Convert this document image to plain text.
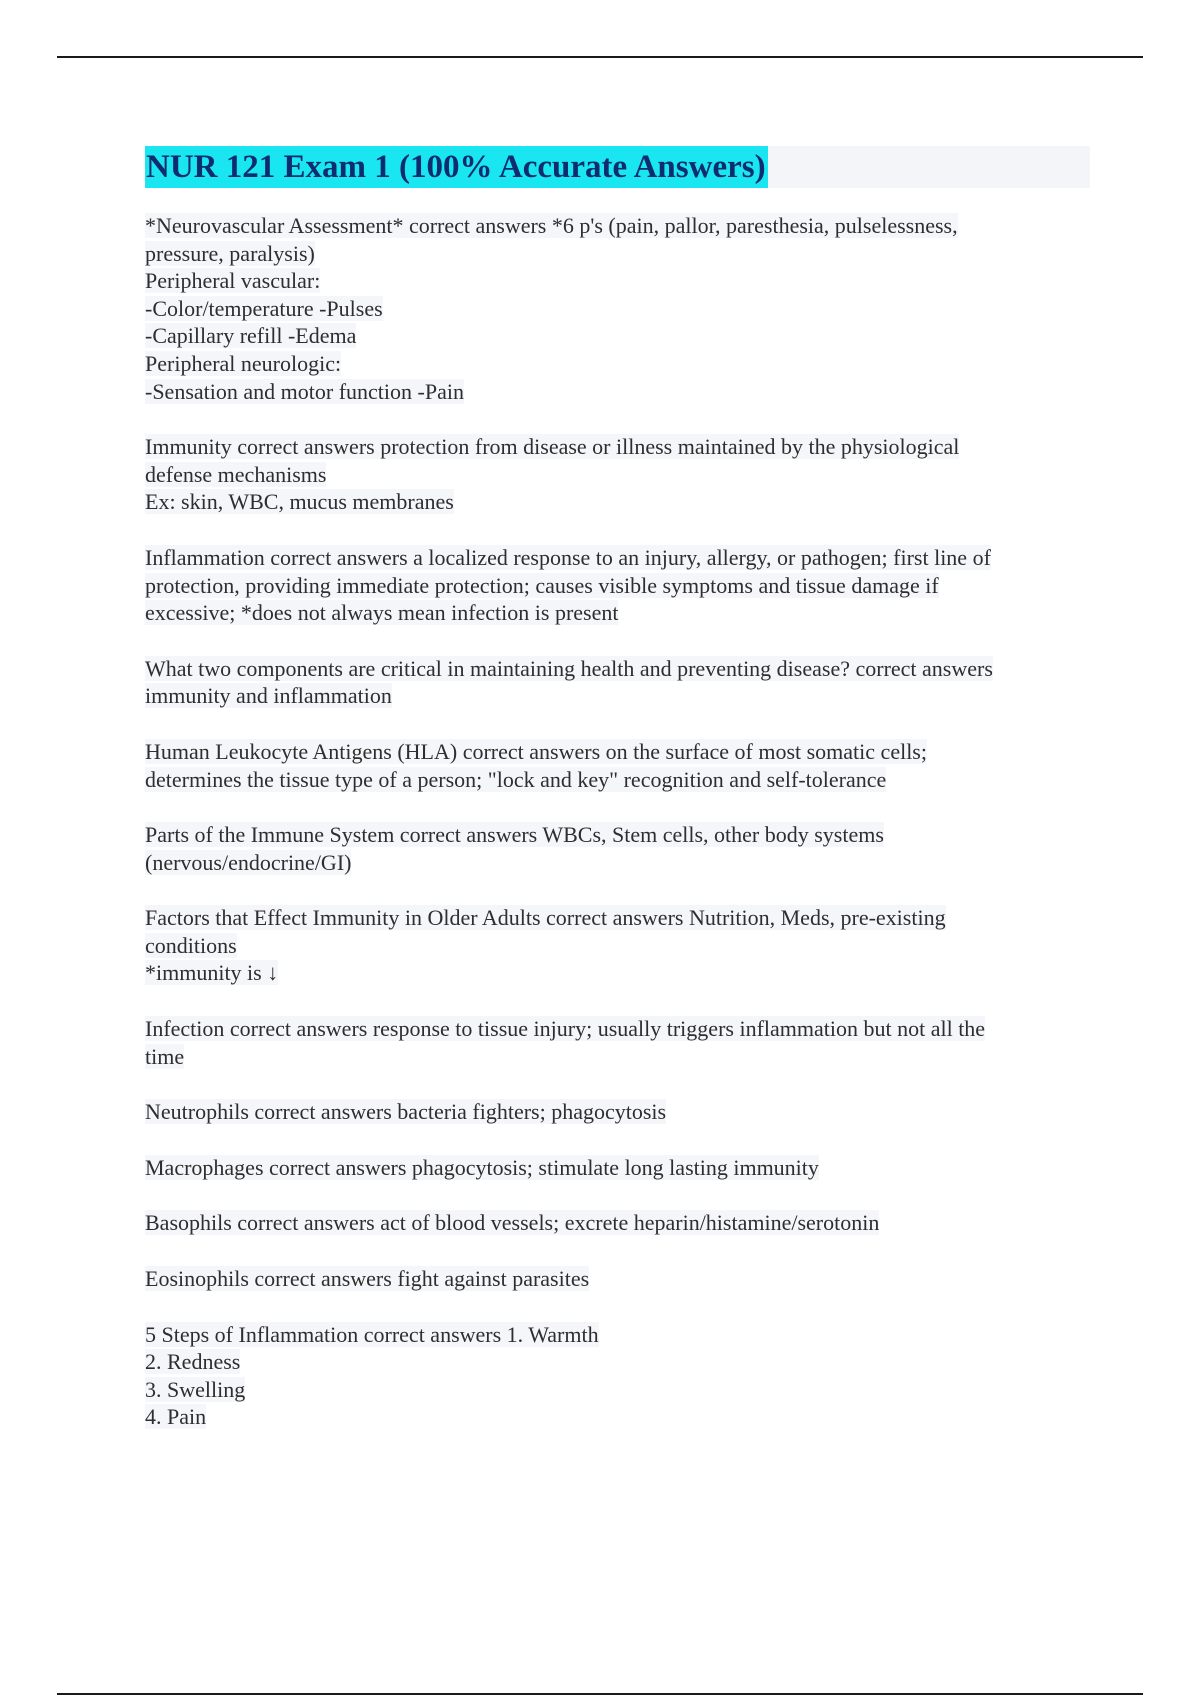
NUR 121 Exam 1 (100% Accurate Answers)
*Neurovascular Assessment* correct answers *6 p's (pain, pallor, paresthesia, pulselessness,
pressure, paralysis)
Peripheral vascular:
-Color/temperature -Pulses
-Capillary refill -Edema
Peripheral neurologic:
-Sensation and motor function -Pain
Immunity correct answers protection from disease or illness maintained by the physiological
defense mechanisms
Ex: skin, WBC, mucus membranes
Inflammation correct answers a localized response to an injury, allergy, or pathogen; first line of
protection, providing immediate protection; causes visible symptoms and tissue damage if
excessive; *does not always mean infection is present
What two components are critical in maintaining health and preventing disease? correct answers
immunity and inflammation
Human Leukocyte Antigens (HLA) correct answers on the surface of most somatic cells;
determines the tissue type of a person; "lock and key" recognition and self-tolerance
Parts of the Immune System correct answers WBCs, Stem cells, other body systems
(nervous/endocrine/GI)
Factors that Effect Immunity in Older Adults correct answers Nutrition, Meds, pre-existing
conditions
*immunity is ↓
Infection correct answers response to tissue injury; usually triggers inflammation but not all the
time
Neutrophils correct answers bacteria fighters; phagocytosis
Macrophages correct answers phagocytosis; stimulate long lasting immunity
Basophils correct answers act of blood vessels; excrete heparin/histamine/serotonin
Eosinophils correct answers fight against parasites
5 Steps of Inflammation correct answers 1. Warmth
2. Redness
3. Swelling
4. Pain
